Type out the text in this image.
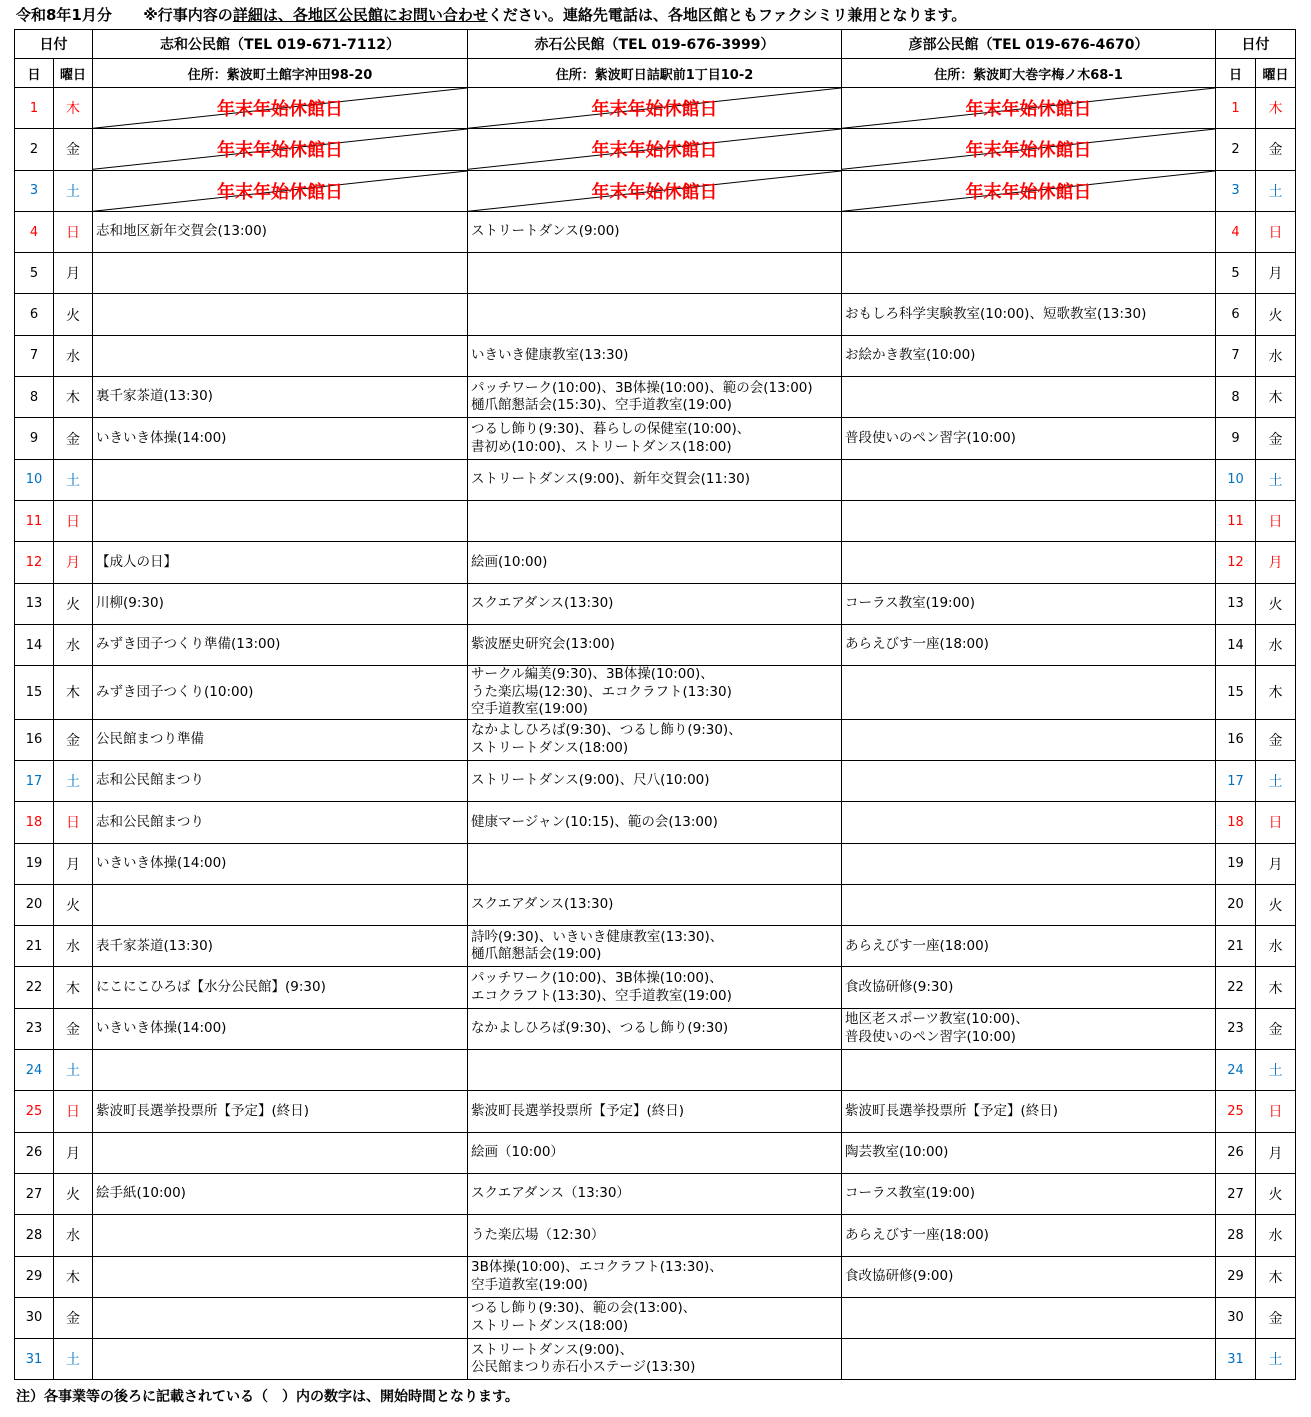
令和8年1月分 ※行事内容の詳細は、各地区公民館にお問い合わせください。連絡先電話は、各地区館ともファクシミリ兼用となります。
日付		志和公民館（TEL 019-671-7112）	赤石公民館（TEL 019-676-3999）	彦部公民館（TEL 019-676-4670）	日付	
日	曜日	住所：紫波町土館字沖田98-20	住所：紫波町日詰駅前1丁目10-2	住所：紫波町大巻字梅ノ木68-1	日	曜日
1	木	年末年始休館日	年末年始休館日	年末年始休館日	1	木
2	金	年末年始休館日	年末年始休館日	年末年始休館日	2	金
3	土	年末年始休館日	年末年始休館日	年末年始休館日	3	土
4	日	志和地区新年交賀会(13:00)	ストリートダンス(9:00)		4	日
5	月				5	月
6	火			おもしろ科学実験教室(10:00)、短歌教室(13:30)	6	火
7	水		いきいき健康教室(13:30)	お絵かき教室(10:00)	7	水
8	木	裏千家茶道(13:30)	パッチワーク(10:00)、3B体操(10:00)、範の会(13:00)
樋爪館懇話会(15:30)、空手道教室(19:00)		8	木
9	金	いきいき体操(14:00)	つるし飾り(9:30)、暮らしの保健室(10:00)、
書初め(10:00)、ストリートダンス(18:00)	普段使いのペン習字(10:00)	9	金
10	土		ストリートダンス(9:00)、新年交賀会(11:30)		10	土
11	日				11	日
12	月	【成人の日】	絵画(10:00)		12	月
13	火	川柳(9:30)	スクエアダンス(13:30)	コーラス教室(19:00)	13	火
14	水	みずき団子つくり準備(13:00)	紫波歴史研究会(13:00)	あらえびす一座(18:00)	14	水
15	木	みずき団子つくり(10:00)	サークル編美(9:30)、3B体操(10:00)、
うた楽広場(12:30)、エコクラフト(13:30)
空手道教室(19:00)		15	木
16	金	公民館まつり準備	なかよしひろば(9:30)、つるし飾り(9:30)、
ストリートダンス(18:00)		16	金
17	土	志和公民館まつり	ストリートダンス(9:00)、尺八(10:00)		17	土
18	日	志和公民館まつり	健康マージャン(10:15)、範の会(13:00)		18	日
19	月	いきいき体操(14:00)			19	月
20	火		スクエアダンス(13:30)		20	火
21	水	表千家茶道(13:30)	詩吟(9:30)、いきいき健康教室(13:30)、
樋爪館懇話会(19:00)	あらえびす一座(18:00)	21	水
22	木	にこにこひろば【水分公民館】(9:30)	パッチワーク(10:00)、3B体操(10:00)、
エコクラフト(13:30)、空手道教室(19:00)	食改協研修(9:30)	22	木
23	金	いきいき体操(14:00)	なかよしひろば(9:30)、つるし飾り(9:30)	地区老スポーツ教室(10:00)、
普段使いのペン習字(10:00)	23	金
24	土				24	土
25	日	紫波町長選挙投票所【予定】(終日)	紫波町長選挙投票所【予定】(終日)	紫波町長選挙投票所【予定】(終日)	25	日
26	月		絵画（10:00）	陶芸教室(10:00)	26	月
27	火	絵手紙(10:00)	スクエアダンス（13:30）	コーラス教室(19:00)	27	火
28	水		うた楽広場（12:30）	あらえびす一座(18:00)	28	水
29	木		3B体操(10:00)、エコクラフト(13:30)、
空手道教室(19:00)	食改協研修(9:00)	29	木
30	金		つるし飾り(9:30)、範の会(13:00)、
ストリートダンス(18:00)		30	金
31	土		ストリートダンス(9:00)、
公民館まつり赤石小ステージ(13:30)		31	土
注）各事業等の後ろに記載されている（　）内の数字は、開始時間となります。
